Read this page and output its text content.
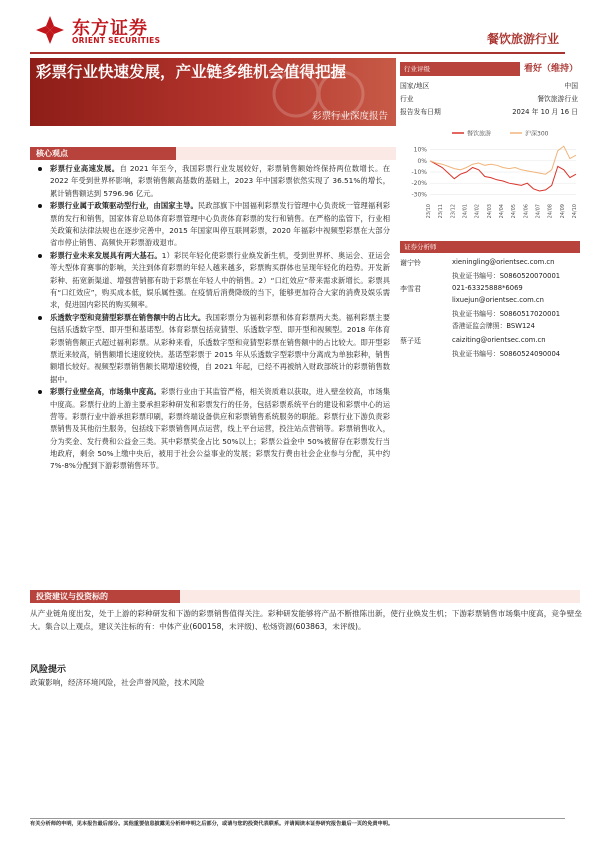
东方证券
ORIENT SECURITIES	餐饮旅游行业
彩票行业快速发展，产业链多维机会值得把握
彩票行业深度报告
行业评级	看好（维持）
国家/地区	中国
行业	餐饮旅游行业
报告发布日期	2024 年 10 月 16 日
餐饮旅游	沪深300
10%
0%
-10%
-20%
-30%
23/10 23/11 23/12 24/01 24/02 24/03 24/04 24/05 24/06 24/07 24/08 24/09 24/10
证券分析师
谢宁铃	xieningling@orientsec.com.cn
执业证书编号：S0860520070001
李雪君	021-63325888*6069
lixuejun@orientsec.com.cn
执业证书编号：S0860517020001
香港证监会牌照：BSW124
蔡子廷	caiziting@orientsec.com.cn
执业证书编号：S0860524090004
核心观点
彩票行业高速发展。自 2021 年至今，我国彩票行业发展较好，彩票销售额始终保持两位数增长。在 2022 年受到世界杯影响，彩票销售额高基数的基础上，2023 年中国彩票依然实现了 36.51%的增长，累计销售额达到 5796.96 亿元。
彩票行业属于政策驱动型行业，由国家主导。民政部旗下中国福利彩票发行管理中心负责统一管理福利彩票的发行和销售，国家体育总局体育彩票管理中心负责体育彩票的发行和销售。在严格的监管下，行业相关政策和法律法规也在逐步完善中，2015 年国家叫停互联网彩票，2020 年福彩中视频型彩票在大部分省市停止销售、高频快开彩票游戏退市。
彩票行业未来发展具有两大基石。1）彩民年轻化使彩票行业焕发新生机，受到世界杯、奥运会、亚运会等大型体育赛事的影响，关注到体育彩票的年轻人越来越多，彩票购买群体也呈现年轻化的趋势。开发新彩种、拓宽新渠道、增强营销都有助于彩票在年轻人中的销售。2）“口红效应”带来需求新增长。彩票具有“口红效应”，购买成本低，娱乐属性强。在疫情后消费降级的当下，能够更加符合大家的消费及娱乐需求，促进国内彩民的购买频率。
乐透数字型和竞猜型彩票在销售额中的占比大。我国彩票分为福利彩票和体育彩票两大类。福利彩票主要包括乐透数字型、即开型和基诺型。体育彩票包括竞猜型、乐透数字型、即开型和视频型。2018 年体育彩票销售额正式超过福利彩票。从彩种来看，乐透数字型和竞猜型彩票在销售额中的占比较大。即开型彩票近来较高，销售额增长速度较快。基诺型彩票于 2015 年从乐透数字型彩票中分离成为单独彩种，销售额增长较好。视频型彩票销售额长期增速较慢，自 2021 年起，已经不再被纳入财政部统计的彩票销售数据中。
彩票行业壁垒高，市场集中度高。彩票行业由于其监管严格，相关资质难以获取，进入壁垒较高，市场集中度高。彩票行业的上游主要承担彩种研发和彩票发行的任务，包括彩票系统平台的建设和彩票中心的运营等。彩票行业中游承担彩票印刷，彩票终端设备供应和彩票销售系统服务的职能。彩票行业下游负责彩票销售及其他衍生服务，包括线下彩票销售网点运营，线上平台运营，投注站点营销等。彩票销售收入，分为奖金、发行费和公益金三类。其中彩票奖金占比 50%以上；彩票公益金中 50%被留存在彩票发行当地政府，剩余 50%上缴中央后，被用于社会公益事业的发展；彩票发行费由社会企业参与分配，其中约 7%-8%分配到下游彩票销售环节。
投资建议与投资标的
从产业链角度出发，处于上游的彩种研发和下游的彩票销售值得关注。彩种研发能够将产品不断推陈出新，使行业焕发生机；下游彩票销售市场集中度高，竞争壁垒大。集合以上观点，建议关注标的有：中体产业(600158，未评级)、松炀资源(603863，未评级)。
风险提示
政策影响，经济环境风险，社会声誉风险，技术风险
有关分析师的申明，见本报告最后部分。其他重要信息披露见分析师申明之后部分，或请与您的投资代表联系。并请阅读本证券研究报告最后一页的免责申明。
